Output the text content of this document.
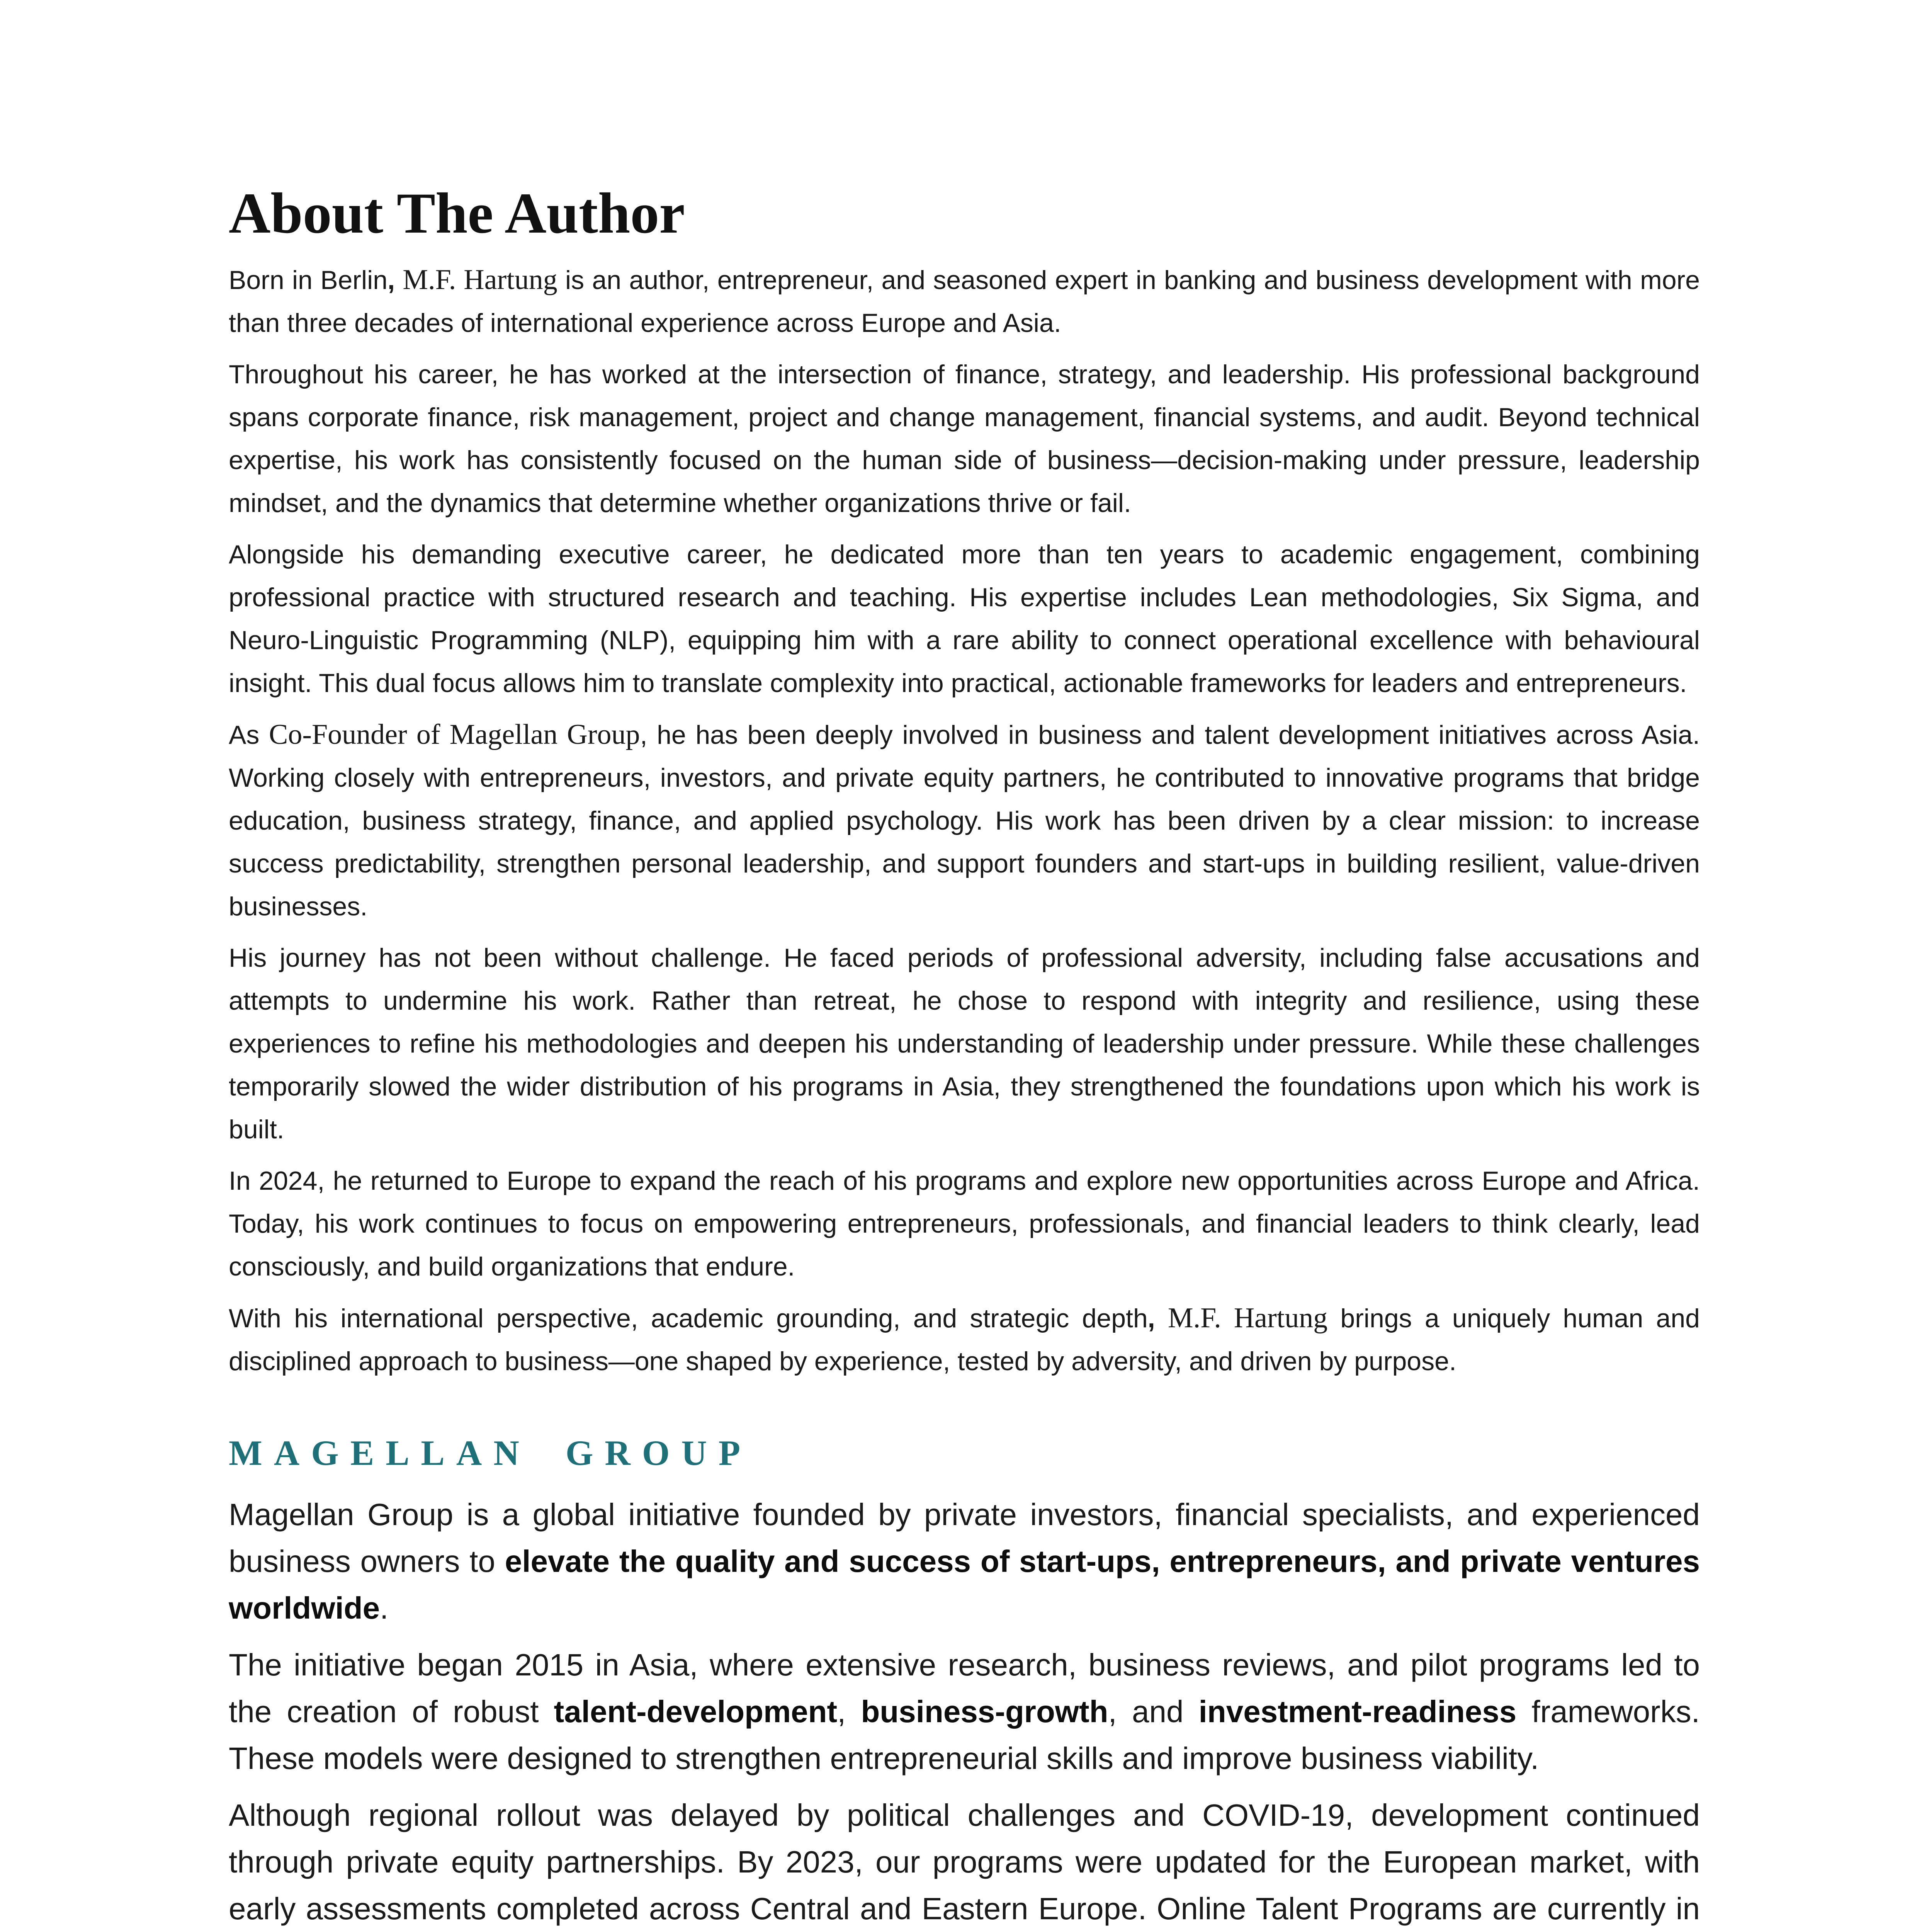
About The Author

Born in Berlin, M.F. Hartung is an author, entrepreneur, and seasoned expert in banking and business development with more than three decades of international experience across Europe and Asia.

Throughout his career, he has worked at the intersection of finance, strategy, and leadership. His professional background spans corporate finance, risk management, project and change management, financial systems, and audit. Beyond technical expertise, his work has consistently focused on the human side of business—decision-making under pressure, leadership mindset, and the dynamics that determine whether organizations thrive or fail.

Alongside his demanding executive career, he dedicated more than ten years to academic engagement, combining professional practice with structured research and teaching. His expertise includes Lean methodologies, Six Sigma, and Neuro-Linguistic Programming (NLP), equipping him with a rare ability to connect operational excellence with behavioural insight. This dual focus allows him to translate complexity into practical, actionable frameworks for leaders and entrepreneurs.

As Co-Founder of Magellan Group, he has been deeply involved in business and talent development initiatives across Asia. Working closely with entrepreneurs, investors, and private equity partners, he contributed to innovative programs that bridge education, business strategy, finance, and applied psychology. His work has been driven by a clear mission: to increase success predictability, strengthen personal leadership, and support founders and start-ups in building resilient, value-driven businesses.

His journey has not been without challenge. He faced periods of professional adversity, including false accusations and attempts to undermine his work. Rather than retreat, he chose to respond with integrity and resilience, using these experiences to refine his methodologies and deepen his understanding of leadership under pressure. While these challenges temporarily slowed the wider distribution of his programs in Asia, they strengthened the foundations upon which his work is built.

In 2024, he returned to Europe to expand the reach of his programs and explore new opportunities across Europe and Africa. Today, his work continues to focus on empowering entrepreneurs, professionals, and financial leaders to think clearly, lead consciously, and build organizations that endure.

With his international perspective, academic grounding, and strategic depth, M.F. Hartung brings a uniquely human and disciplined approach to business—one shaped by experience, tested by adversity, and driven by purpose.

MAGELLAN GROUP

Magellan Group is a global initiative founded by private investors, financial specialists, and experienced business owners to elevate the quality and success of start-ups, entrepreneurs, and private ventures worldwide.

The initiative began 2015 in Asia, where extensive research, business reviews, and pilot programs led to the creation of robust talent-development, business-growth, and investment-readiness frameworks. These models were designed to strengthen entrepreneurial skills and improve business viability.

Although regional rollout was delayed by political challenges and COVID-19, development continued through private equity partnerships. By 2023, our programs were updated for the European market, with early assessments completed across Central and Eastern Europe. Online Talent Programs are currently in
